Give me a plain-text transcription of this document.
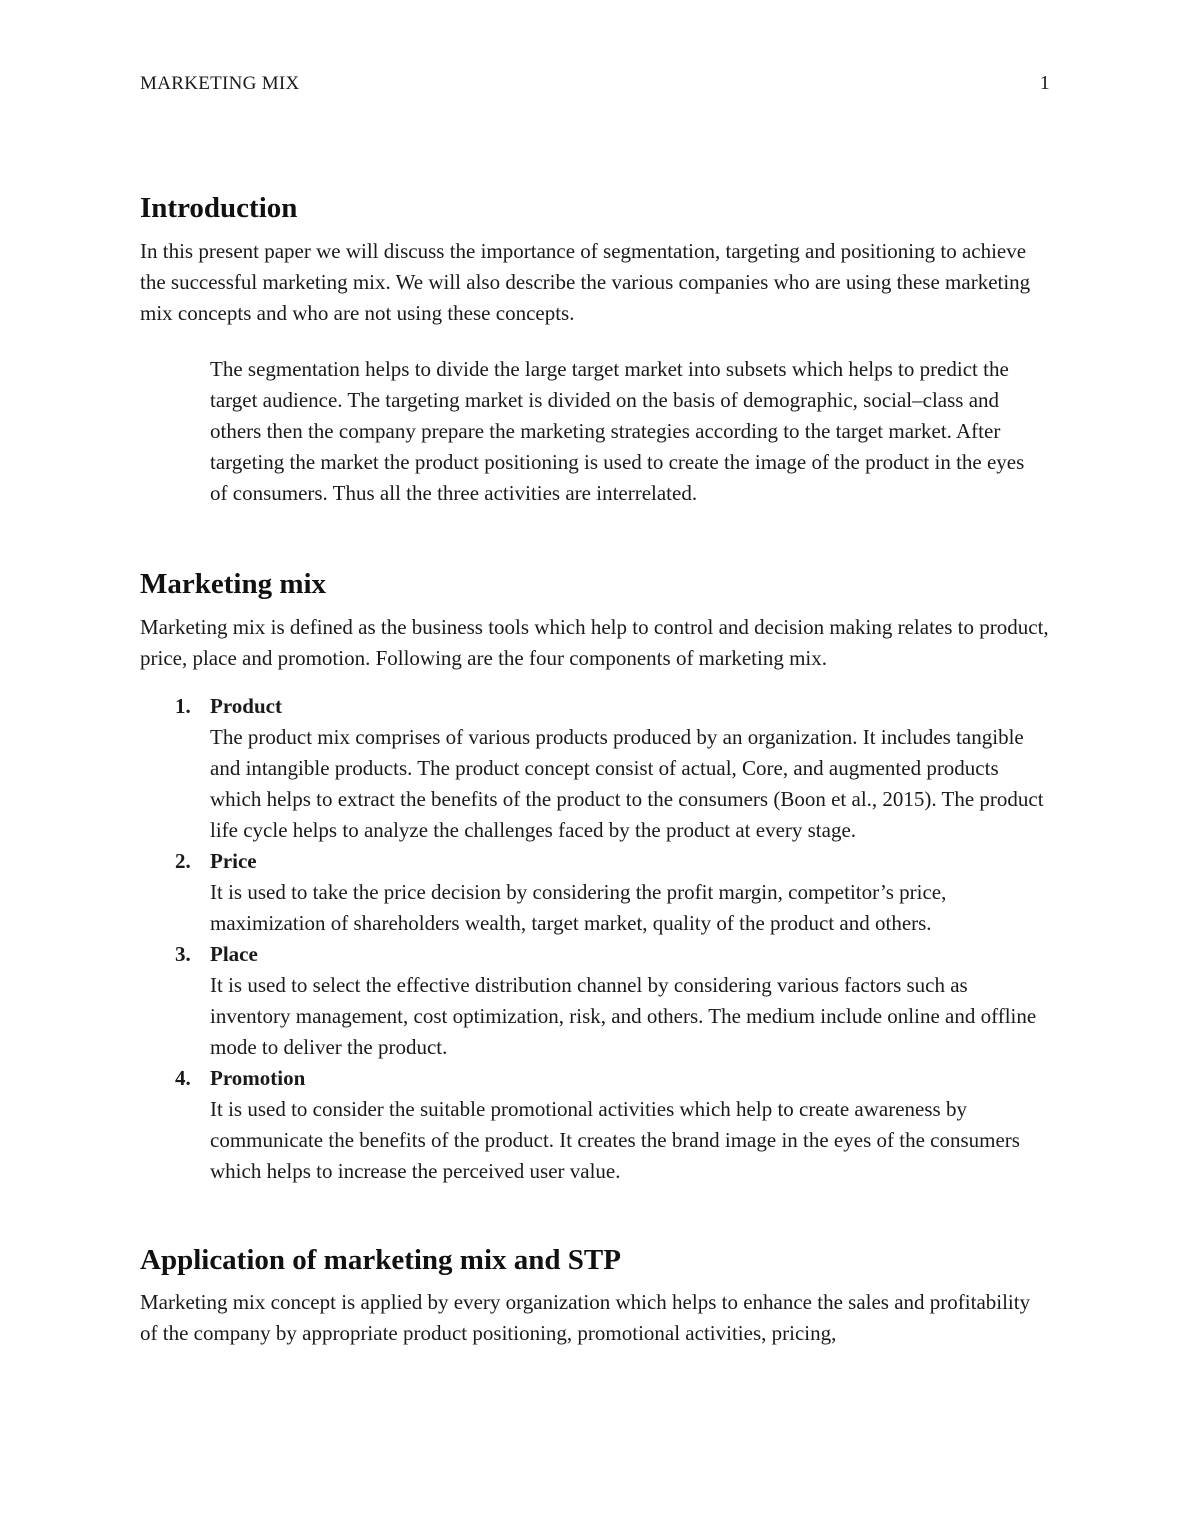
MARKETING MIX	1
Introduction

In this present paper we will discuss the importance of segmentation, targeting and positioning to achieve the successful marketing mix. We will also describe the various companies who are using these marketing mix concepts and who are not using these concepts.

The segmentation helps to divide the large target market into subsets which helps to predict the target audience. The targeting market is divided on the basis of demographic, social–class and others then the company prepare the marketing strategies according to the target market. After targeting the market the product positioning is used to create the image of the product in the eyes of consumers. Thus all the three activities are interrelated.

Marketing mix

Marketing mix is defined as the business tools which help to control and decision making relates to product, price, place and promotion. Following are the four components of marketing mix.

1. Product
The product mix comprises of various products produced by an organization. It includes tangible and intangible products. The product concept consist of actual, Core, and augmented products which helps to extract the benefits of the product to the consumers (Boon et al., 2015). The product life cycle helps to analyze the challenges faced by the product at every stage.
2. Price
It is used to take the price decision by considering the profit margin, competitor’s price, maximization of shareholders wealth, target market, quality of the product and others.
3. Place
It is used to select the effective distribution channel by considering various factors such as inventory management, cost optimization, risk, and others. The medium include online and offline mode to deliver the product.
4. Promotion
It is used to consider the suitable promotional activities which help to create awareness by communicate the benefits of the product. It creates the brand image in the eyes of the consumers which helps to increase the perceived user value.
Application of marketing mix and STP

Marketing mix concept is applied by every organization which helps to enhance the sales and profitability of the company by appropriate product positioning, promotional activities, pricing,
